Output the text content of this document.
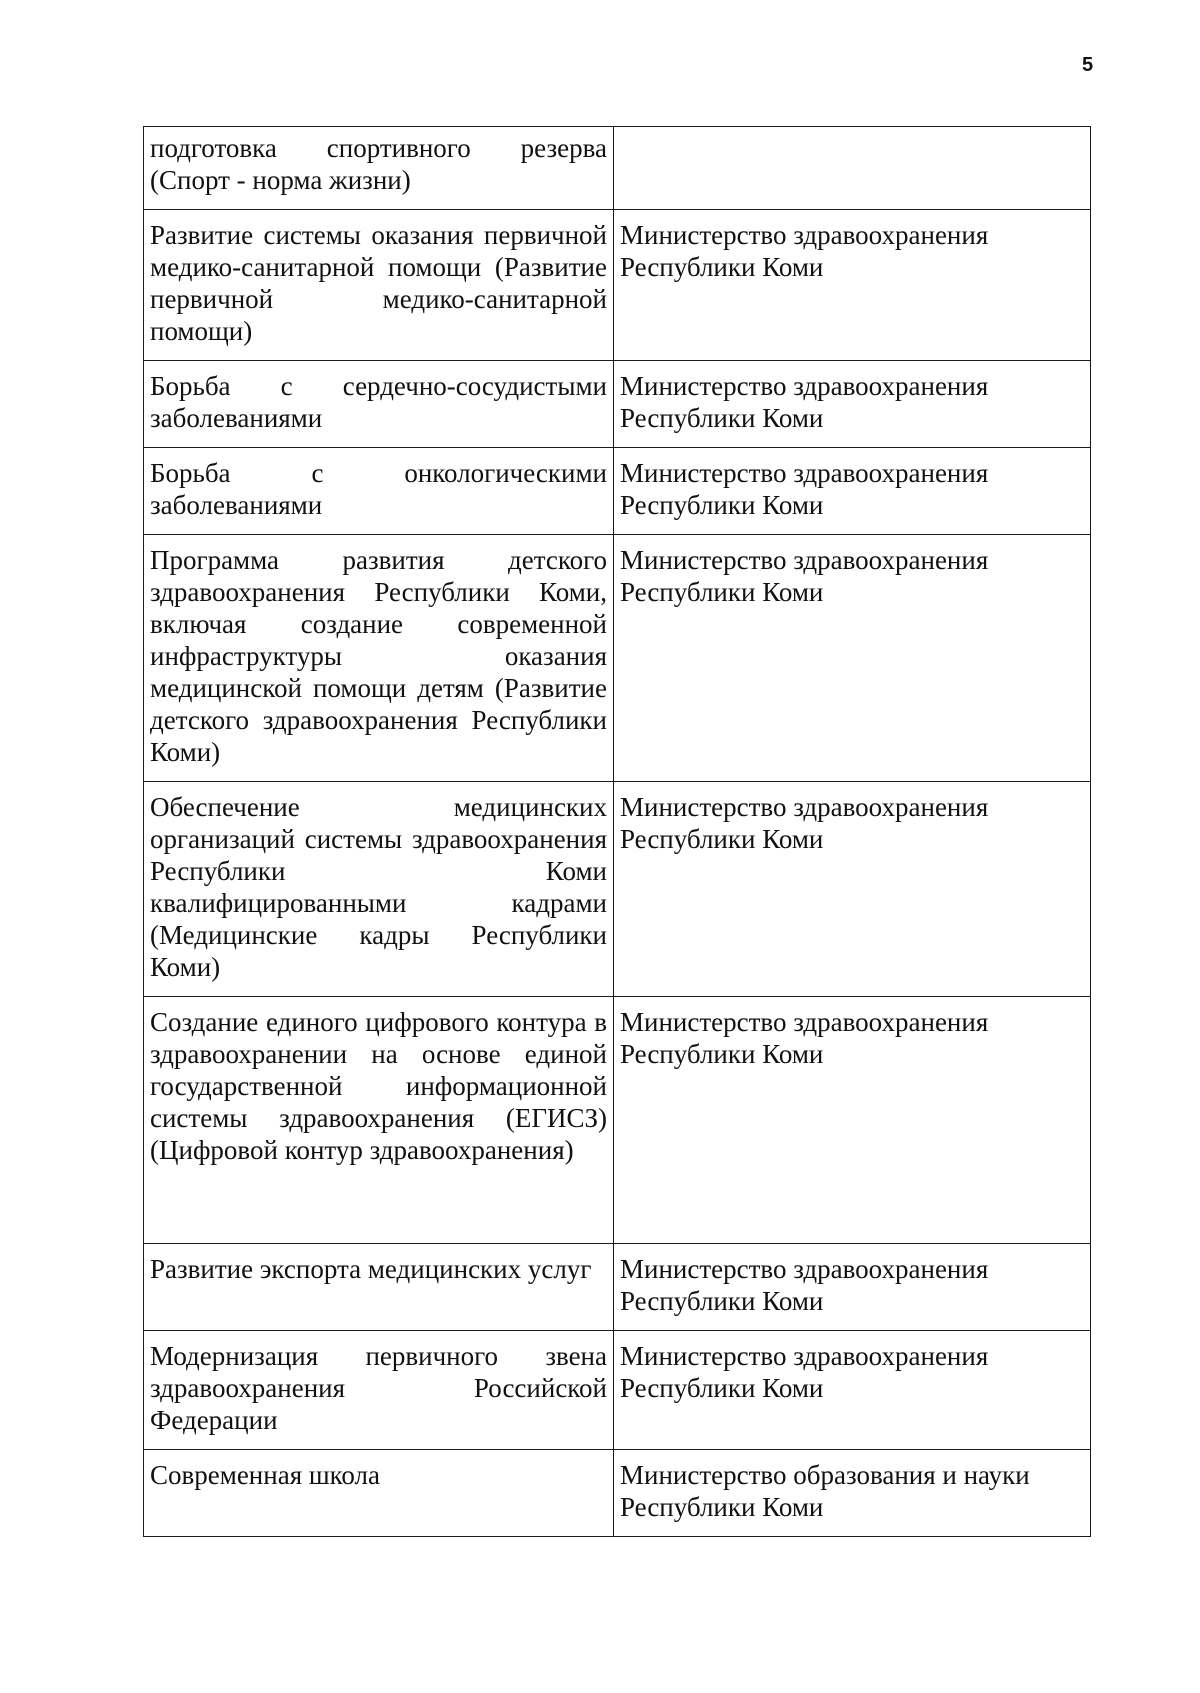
5
подготовка спортивного резерва (Спорт - норма жизни)	
Развитие системы оказания первичной медико-санитарной помощи (Развитие первичной медико-санитарной помощи)	Министерство здравоохранения Республики Коми
Борьба с сердечно-сосудистыми заболеваниями	Министерство здравоохранения Республики Коми
Борьба с онкологическими заболеваниями	Министерство здравоохранения Республики Коми
Программа развития детского здравоохранения Республики Коми, включая создание современной инфраструктуры оказания медицинской помощи детям (Развитие детского здравоохранения Республики Коми)	Министерство здравоохранения Республики Коми
Обеспечение медицинских организаций системы здравоохранения Республики Коми квалифицированными кадрами (Медицинские кадры Республики Коми)	Министерство здравоохранения Республики Коми
Создание единого цифрового контура в здравоохранении на основе единой государственной информационной системы здравоохранения (ЕГИСЗ) (Цифровой контур здравоохранения)	Министерство здравоохранения Республики Коми
Развитие экспорта медицинских услуг	Министерство здравоохранения Республики Коми
Модернизация первичного звена здравоохранения Российской Федерации	Министерство здравоохранения Республики Коми
Современная школа	Министерство образования и науки Республики Коми
